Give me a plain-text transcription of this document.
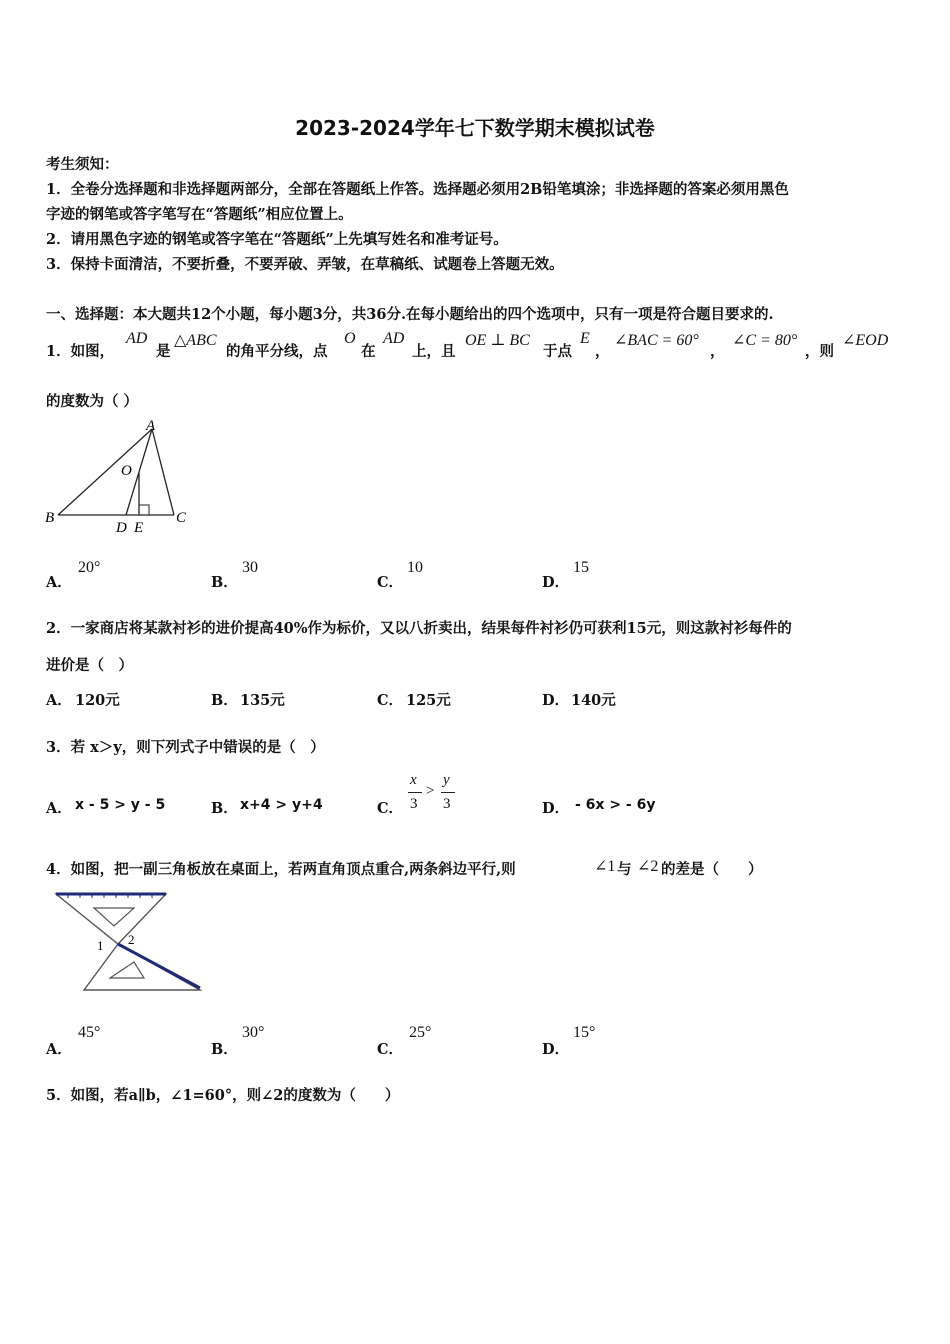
2023-2024学年七下数学期末模拟试卷
考生须知：
1．全卷分选择题和非选择题两部分，全部在答题纸上作答。选择题必须用2B铅笔填涂；非选择题的答案必须用黑色
字迹的钢笔或答字笔写在“答题纸”相应位置上。
2．请用黑色字迹的钢笔或答字笔在“答题纸”上先填写姓名和准考证号。
3．保持卡面清洁，不要折叠，不要弄破、弄皱，在草稿纸、试题卷上答题无效。
一、选择题：本大题共12个小题，每小题3分，共36分.在每小题给出的四个选项中，只有一项是符合题目要求的.
1．如图，
AD
是
△ABC
的角平分线，点
O
在
AD
上，且
OE ⊥ BC
于点
E
，
∠BAC = 60°
，
∠C = 80°
，则
∠EOD
的度数为（ ）
A
O
B
D E
C
A．
20°
B．
30
C．
10
D．
15
2．一家商店将某款衬衫的进价提高40%作为标价，又以八折卖出，结果每件衬衫仍可获利15元，则这款衬衫每件的
进价是（　）
A． 120元	B． 135元	C． 125元	D． 140元
3．若 x＞y，则下列式子中错误的是（　）
A． x - 5 > y - 5	B． x+4 > y+4	C．
x
3
>
y
3	D． - 6x > - 6y
4．如图，把一副三角板放在桌面上，若两直角顶点重合,两条斜边平行,则	∠1 与 ∠2 的差是（　　）
1 2
A．
45°
B．
30°
C．
25°
D．
15°
5．如图，若a∥b，∠1=60°，则∠2的度数为（　　）
